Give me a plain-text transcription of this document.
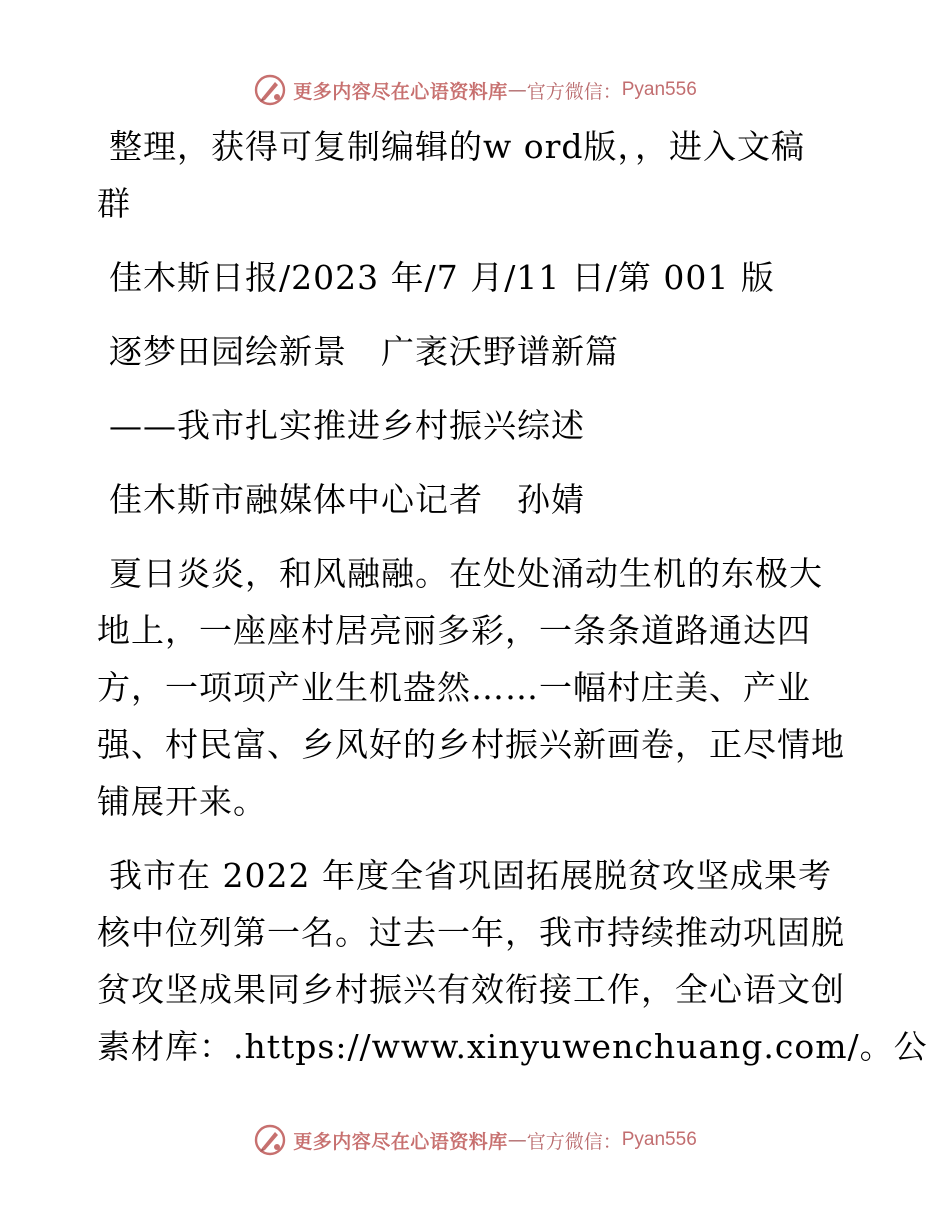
更多内容尽在心语资料库 — 官方微信： Pyan556
整理，获得可复制编辑的w ord版，，进入文稿
群
佳木斯日报/2023 年/7 月/11 日/第 001 版
逐梦田园绘新景　广袤沃野谱新篇
——我市扎实推进乡村振兴综述
佳木斯市融媒体中心记者　孙婧
夏日炎炎，和风融融。在处处涌动生机的东极大
地上，一座座村居亮丽多彩，一条条道路通达四
方，一项项产业生机盎然……一幅村庄美、产业
强、村民富、乡风好的乡村振兴新画卷，正尽情地
铺展开来。
我市在 2022 年度全省巩固拓展脱贫攻坚成果考
核中位列第一名。过去一年，我市持续推动巩固脱
贫攻坚成果同乡村振兴有效衔接工作，全心语文创
素材库：.https://www.xinyuwenchuang.com/。公
更多内容尽在心语资料库 — 官方微信： Pyan556
